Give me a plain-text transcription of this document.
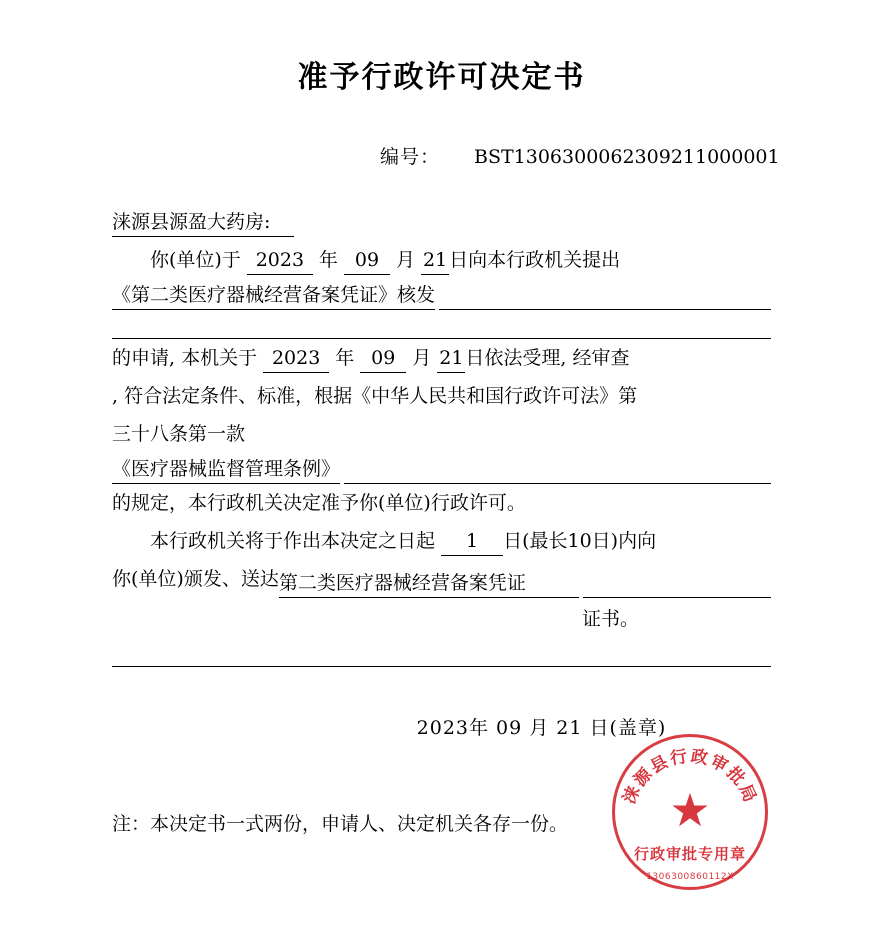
准予行政许可决定书
编号： BST1306300062309211000001
涞源县源盈大药房:
你(单位)于 2023 年 09 月 21 日向本行政机关提出
《第二类医疗器械经营备案凭证》核发
的申请, 本机关于 2023 年 09 月 21 日依法受理, 经审查
, 符合法定条件、标准，根据《中华人民共和国行政许可法》第
三十八条第一款
《医疗器械监督管理条例》
的规定，本行政机关决定准予你(单位)行政许可。
本行政机关将于作出本决定之日起 1 日(最长10日)内向
你(单位)颁发、送达 第二类医疗器械经营备案凭证
证书。
2023年 09 月 21 日(盖章)
注：本决定书一式两份，申请人、决定机关各存一份。
涞源县行政审批局
★
行政审批专用章
1306300860112X
